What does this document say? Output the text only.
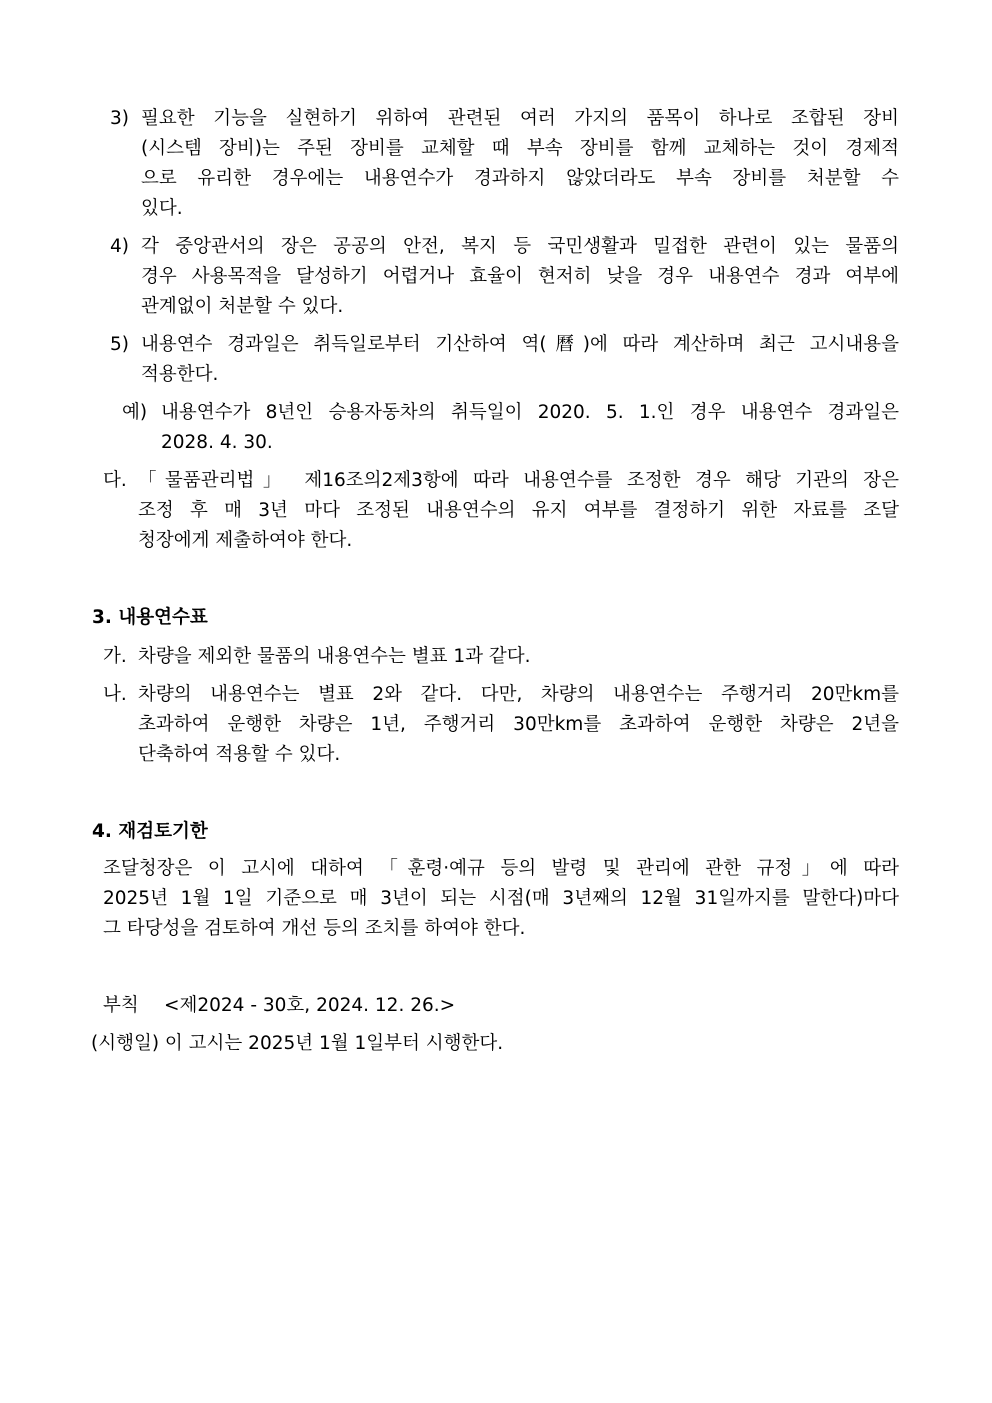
3) 필요한 기능을 실현하기 위하여 관련된 여러 가지의 품목이 하나로 조합된 장비
(시스템 장비)는 주된 장비를 교체할 때 부속 장비를 함께 교체하는 것이 경제적
으로 유리한 경우에는 내용연수가 경과하지 않았더라도 부속 장비를 처분할 수
있다.
4) 각 중앙관서의 장은 공공의 안전, 복지 등 국민생활과 밀접한 관련이 있는 물품의
경우 사용목적을 달성하기 어렵거나 효율이 현저히 낮을 경우 내용연수 경과 여부에
관계없이 처분할 수 있다.
5) 내용연수 경과일은 취득일로부터 기산하여 역(曆)에 따라 계산하며 최근 고시내용을
적용한다.
예) 내용연수가 8년인 승용자동차의 취득일이 2020. 5. 1.인 경우 내용연수 경과일은
2028. 4. 30.
다. 「물품관리법」 제16조의2제3항에 따라 내용연수를 조정한 경우 해당 기관의 장은
조정 후 매 3년 마다 조정된 내용연수의 유지 여부를 결정하기 위한 자료를 조달
청장에게 제출하여야 한다.
3. 내용연수표
가. 차량을 제외한 물품의 내용연수는 별표 1과 같다.
나. 차량의 내용연수는 별표 2와 같다. 다만, 차량의 내용연수는 주행거리 20만km를
초과하여 운행한 차량은 1년, 주행거리 30만km를 초과하여 운행한 차량은 2년을
단축하여 적용할 수 있다.
4. 재검토기한
조달청장은 이 고시에 대하여 「훈령·예규 등의 발령 및 관리에 관한 규정」에 따라
2025년 1월 1일 기준으로 매 3년이 되는 시점(매 3년째의 12월 31일까지를 말한다)마다
그 타당성을 검토하여 개선 등의 조치를 하여야 한다.
부칙 <제2024 - 30호, 2024. 12. 26.>
(시행일) 이 고시는 2025년 1월 1일부터 시행한다.
